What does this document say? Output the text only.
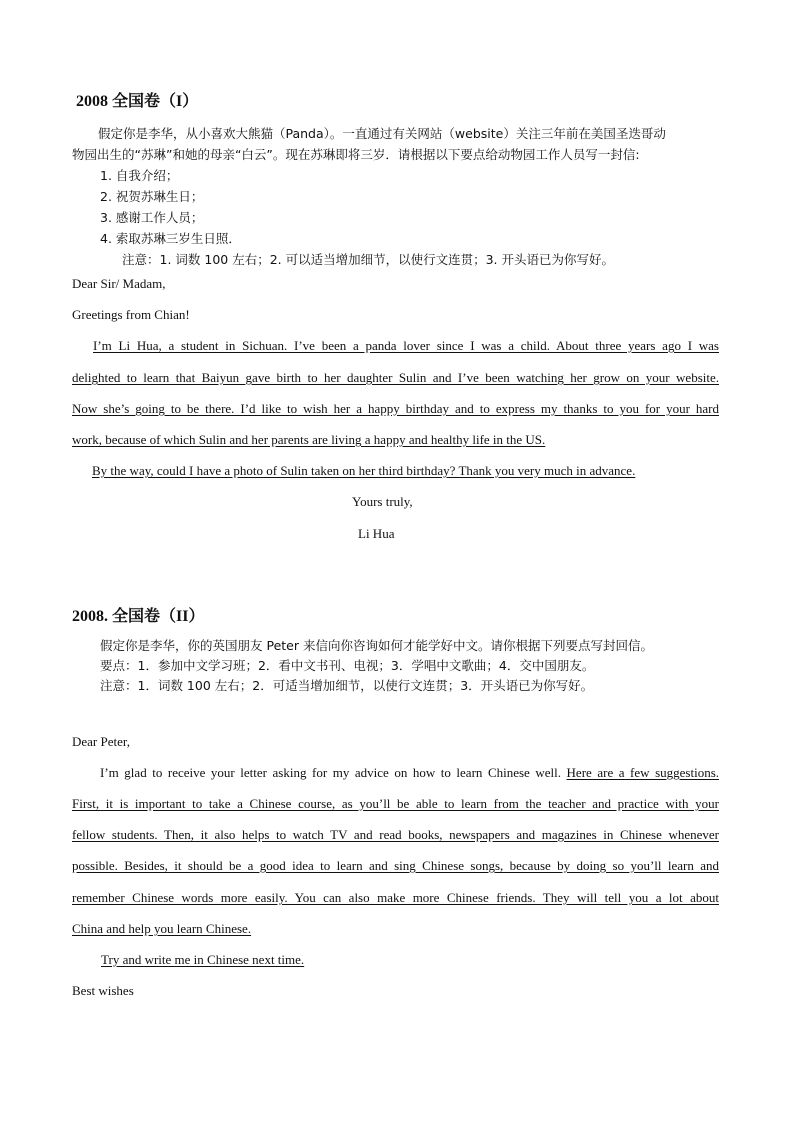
2008 全国卷（I）
假定你是李华，从小喜欢大熊猫（Panda）。一直通过有关网站（website）关注三年前在美国圣迭哥动
物园出生的“苏琳”和她的母亲“白云”。现在苏琳即将三岁．请根据以下要点给动物园工作人员写一封信:
1. 自我介绍；
2. 祝贺苏琳生日；
3. 感谢工作人员；
4. 索取苏琳三岁生日照．
注意：1. 词数 100 左右；2. 可以适当增加细节，以使行文连贯；3. 开头语已为你写好。
Dear Sir/ Madam,
Greetings from Chian!
I’m Li Hua, a student in Sichuan. I’ve been a panda lover since I was a child. About three years ago I was
delighted to learn that Baiyun gave birth to her daughter Sulin and I’ve been watching her grow on your website.
Now she’s going to be there. I’d like to wish her a happy birthday and to express my thanks to you for your hard
work, because of which Sulin and her parents are living a happy and healthy life in the US.
By the way, could I have a photo of Sulin taken on her third birthday? Thank you very much in advance.
Yours truly,
Li Hua
2008. 全国卷（II）
假定你是李华，你的英国朋友 Peter 来信向你咨询如何才能学好中文。请你根据下列要点写封回信。
要点：1．参加中文学习班；2．看中文书刊、电视；3．学唱中文歌曲；4．交中国朋友。
注意：1．词数 100 左右；2．可适当增加细节，以使行文连贯；3．开头语已为你写好。
Dear Peter,
I’m glad to receive your letter asking for my advice on how to learn Chinese well. Here are a few suggestions.
First, it is important to take a Chinese course, as you’ll be able to learn from the teacher and practice with your
fellow students. Then, it also helps to watch TV and read books, newspapers and magazines in Chinese whenever
possible. Besides, it should be a good idea to learn and sing Chinese songs, because by doing so you’ll learn and
remember Chinese words more easily. You can also make more Chinese friends. They will tell you a lot about
China and help you learn Chinese.
Try and write me in Chinese next time.
Best wishes
